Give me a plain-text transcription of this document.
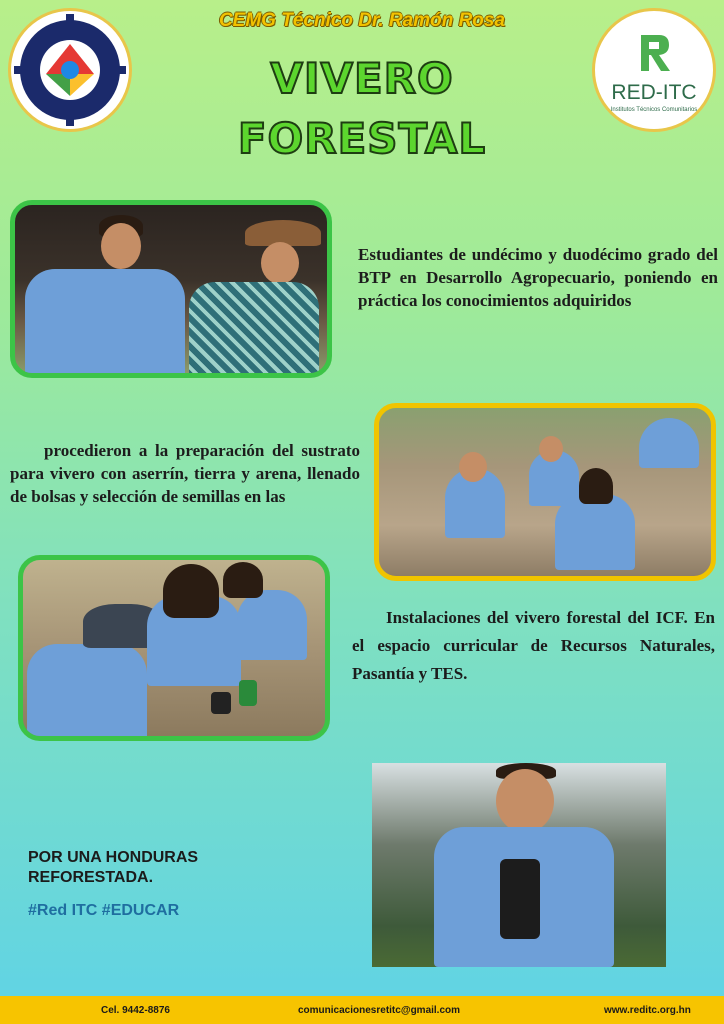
CEMG Técnico Dr. Ramón Rosa
VIVERO
FORESTAL
RED-ITC
Institutos Técnicos Comunitarios
Estudiantes de undécimo y duodécimo grado del BTP en Desarrollo Agropecuario, poniendo en práctica los conocimientos adquiridos
procedieron a la preparación del sustrato para vivero con aserrín, tierra y arena, llenado de bolsas y selección de semillas en las
Instalaciones del vivero forestal del ICF. En el espacio curricular de Recursos Naturales, Pasantía y TES.
POR UNA HONDURAS REFORESTADA.
#Red ITC #EDUCAR
Cel. 9442-8876	comunicacionesretitc@gmail.com	www.reditc.org.hn
